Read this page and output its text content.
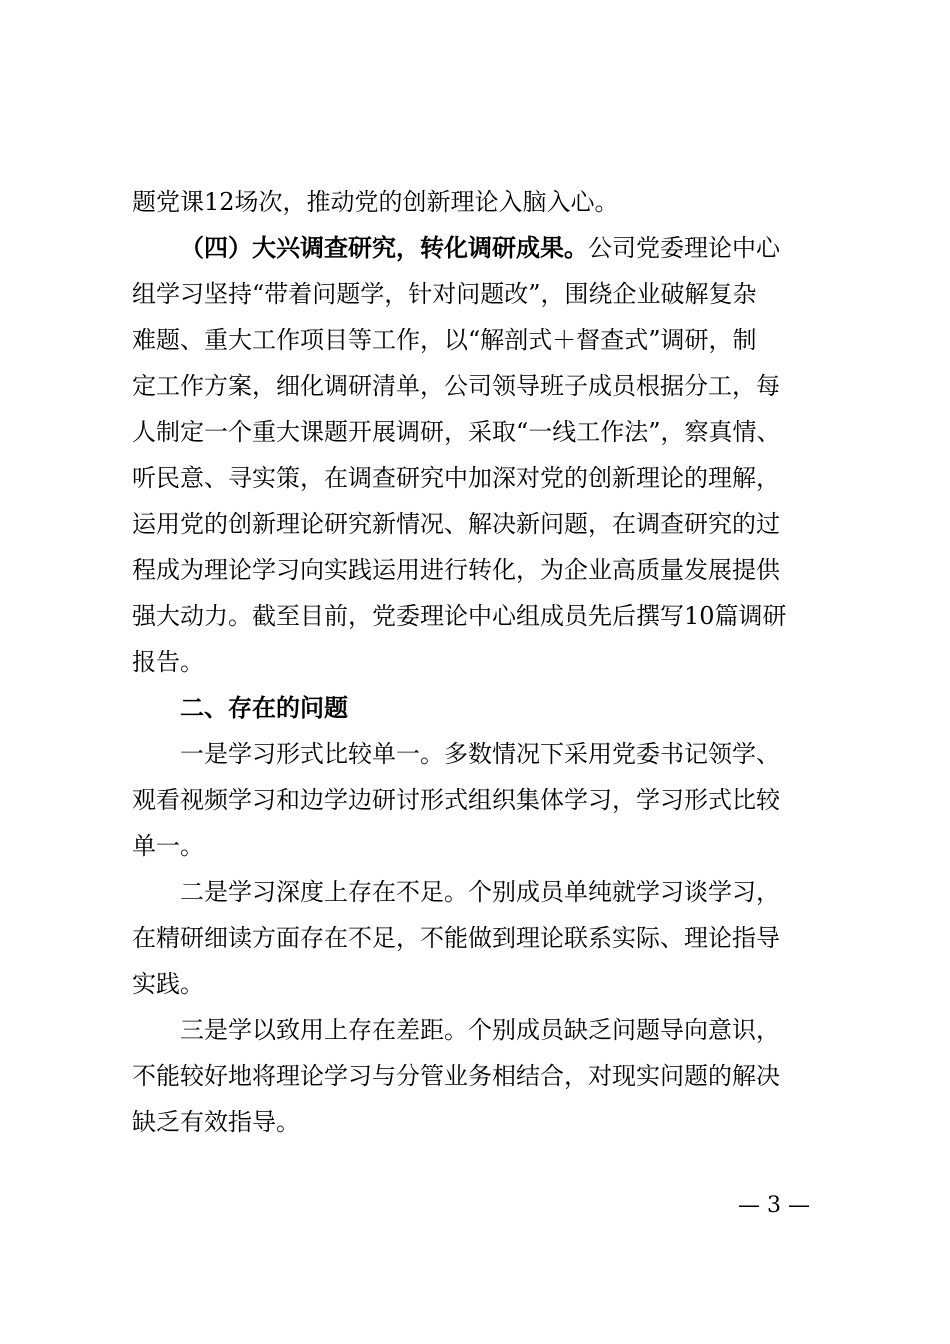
题党课12场次，推动党的创新理论入脑入心。
（四）大兴调查研究，转化调研成果。公司党委理论中心
组学习坚持“带着问题学，针对问题改”，围绕企业破解复杂
难题、重大工作项目等工作，以“解剖式＋督查式”调研，制
定工作方案，细化调研清单，公司领导班子成员根据分工，每
人制定一个重大课题开展调研，采取“一线工作法”，察真情、
听民意、寻实策，在调查研究中加深对党的创新理论的理解，
运用党的创新理论研究新情况、解决新问题，在调查研究的过
程成为理论学习向实践运用进行转化，为企业高质量发展提供
强大动力。截至目前，党委理论中心组成员先后撰写10篇调研
报告。
二、存在的问题
一是学习形式比较单一。多数情况下采用党委书记领学、
观看视频学习和边学边研讨形式组织集体学习，学习形式比较
单一。
二是学习深度上存在不足。个别成员单纯就学习谈学习，
在精研细读方面存在不足，不能做到理论联系实际、理论指导
实践。
三是学以致用上存在差距。个别成员缺乏问题导向意识，
不能较好地将理论学习与分管业务相结合，对现实问题的解决
缺乏有效指导。
— 3 —
